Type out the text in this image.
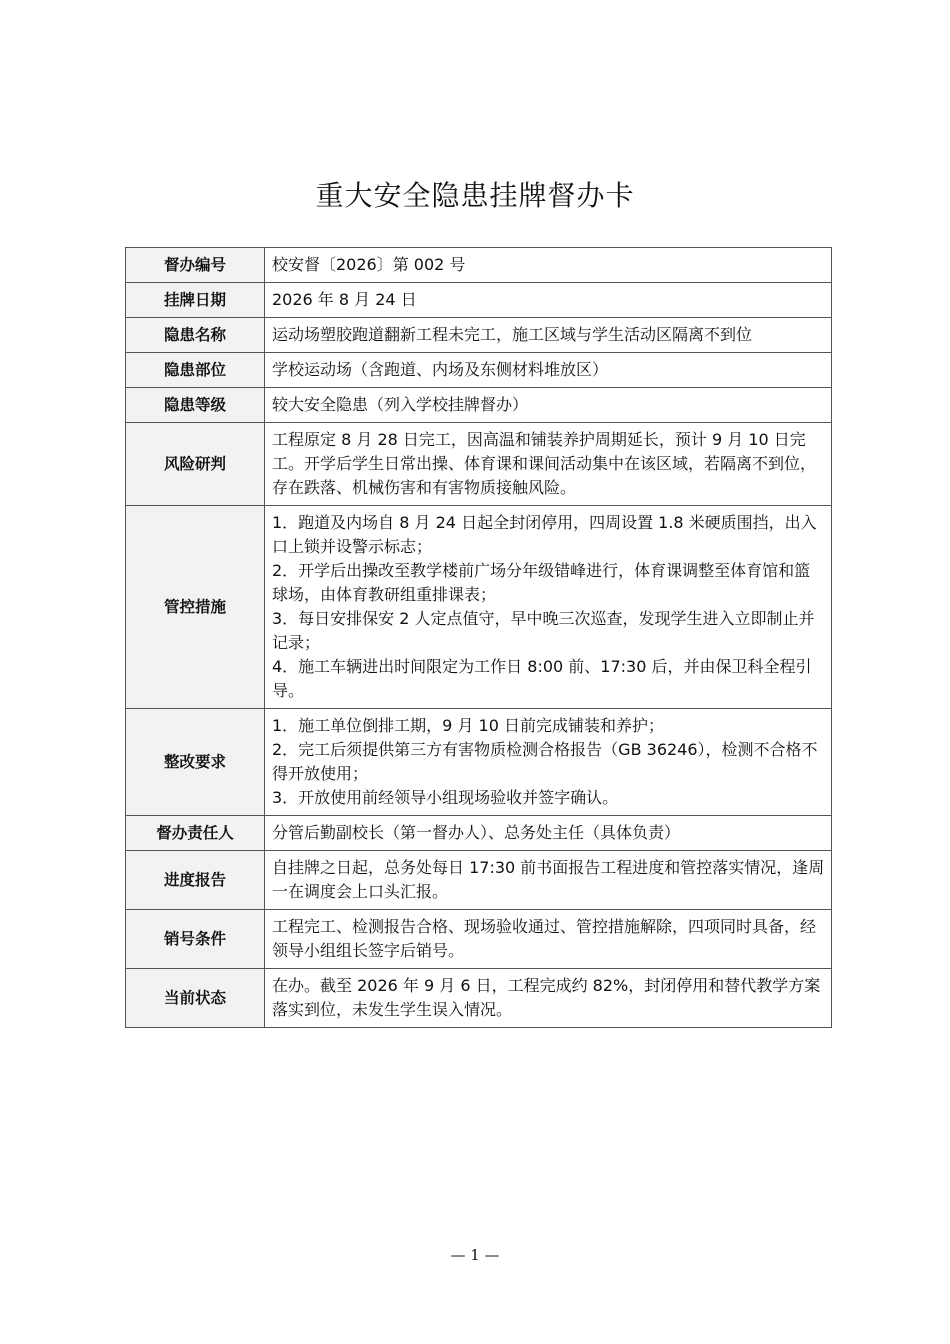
重大安全隐患挂牌督办卡
督办编号	校安督〔2026〕第 002 号

挂牌日期	2026 年 8 月 24 日

隐患名称	运动场塑胶跑道翻新工程未完工，施工区域与学生活动区隔离不到位

隐患部位	学校运动场（含跑道、内场及东侧材料堆放区）

隐患等级	较大安全隐患（列入学校挂牌督办）

风险研判	工程原定 8 月 28 日完工，因高温和铺装养护周期延长，预计 9 月 10 日完工。开学后学生日常出操、体育课和课间活动集中在该区域，若隔离不到位，存在跌落、机械伤害和有害物质接触风险。

管控措施	1．跑道及内场自 8 月 24 日起全封闭停用，四周设置 1.8 米硬质围挡，出入口上锁并设警示标志；
2．开学后出操改至教学楼前广场分年级错峰进行，体育课调整至体育馆和篮球场，由体育教研组重排课表；
3．每日安排保安 2 人定点值守，早中晚三次巡查，发现学生进入立即制止并记录；
4．施工车辆进出时间限定为工作日 8:00 前、17:30 后，并由保卫科全程引导。

整改要求	1．施工单位倒排工期，9 月 10 日前完成铺装和养护；
2．完工后须提供第三方有害物质检测合格报告（GB 36246），检测不合格不得开放使用；
3．开放使用前经领导小组现场验收并签字确认。

督办责任人	分管后勤副校长（第一督办人）、总务处主任（具体负责）

进度报告	自挂牌之日起，总务处每日 17:30 前书面报告工程进度和管控落实情况，逢周一在调度会上口头汇报。

销号条件	工程完工、检测报告合格、现场验收通过、管控措施解除，四项同时具备，经领导小组组长签字后销号。

当前状态	在办。截至 2026 年 9 月 6 日，工程完成约 82%，封闭停用和替代教学方案落实到位，未发生学生误入情况。
— 1 —
